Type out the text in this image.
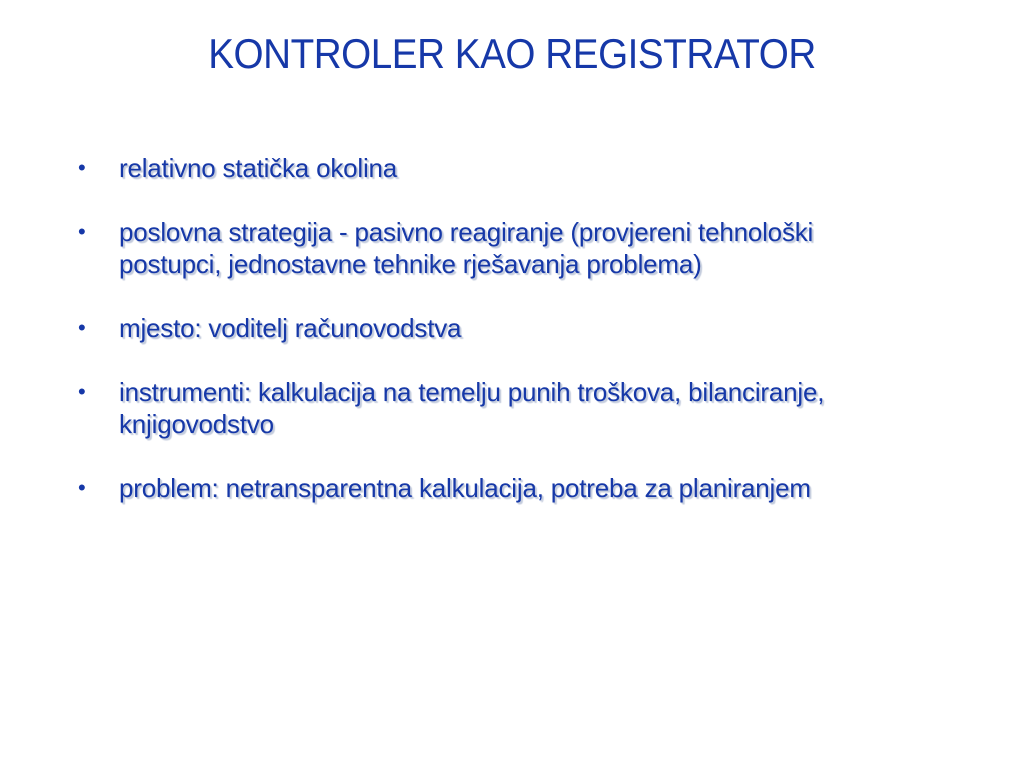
KONTROLER KAO REGISTRATOR
•	relativno statička okolina
•	poslovna strategija - pasivno reagiranje (provjereni tehnološki postupci, jednostavne tehnike rješavanja problema)
•	mjesto: voditelj računovodstva
•	instrumenti: kalkulacija na temelju punih troškova, bilanciranje, knjigovodstvo
•	problem: netransparentna kalkulacija, potreba za planiranjem
